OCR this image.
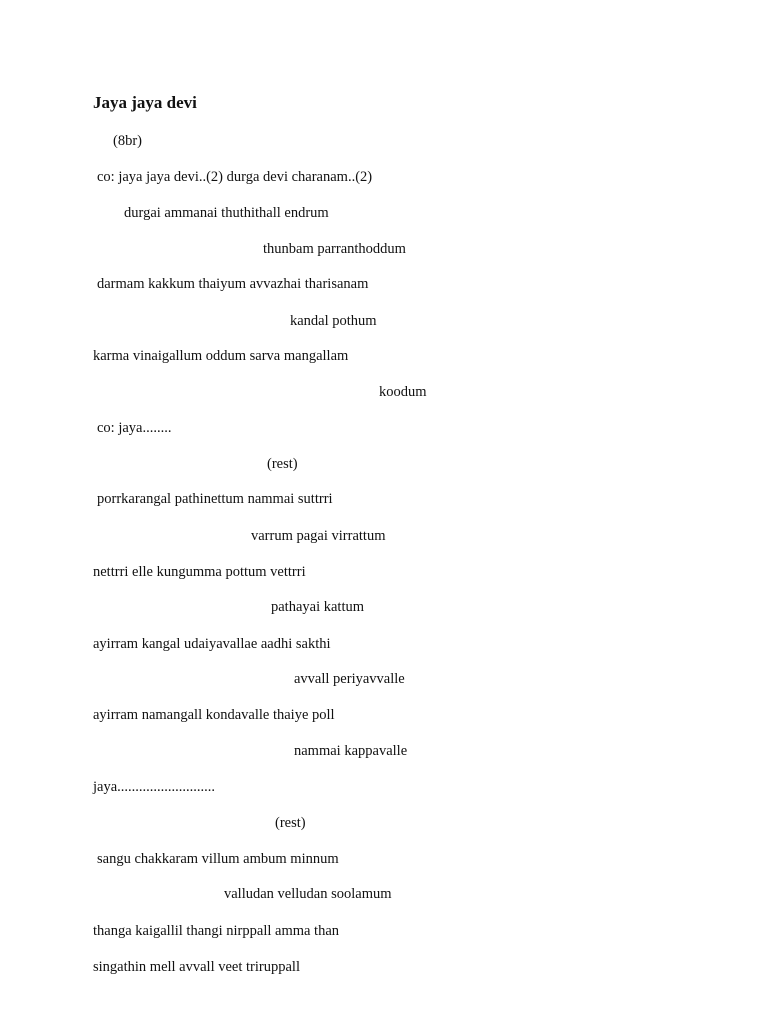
Jaya jaya devi
(8br)
co: jaya jaya devi..(2) durga devi charanam..(2)
durgai ammanai thuthithall endrum
thunbam parranthoddum
darmam kakkum thaiyum avvazhai tharisanam
kandal pothum
karma vinaigallum oddum sarva mangallam
koodum
co: jaya........
(rest)
porrkarangal pathinettum nammai suttrri
varrum pagai virrattum
nettrri elle kungumma pottum vettrri
pathayai kattum
ayirram kangal udaiyavallae aadhi sakthi
avvall periyavvalle
ayirram namangall kondavalle thaiye poll
nammai kappavalle
jaya...........................
(rest)
sangu chakkaram villum ambum minnum
valludan velludan soolamum
thanga kaigallil thangi nirppall amma than
singathin mell avvall veet triruppall
